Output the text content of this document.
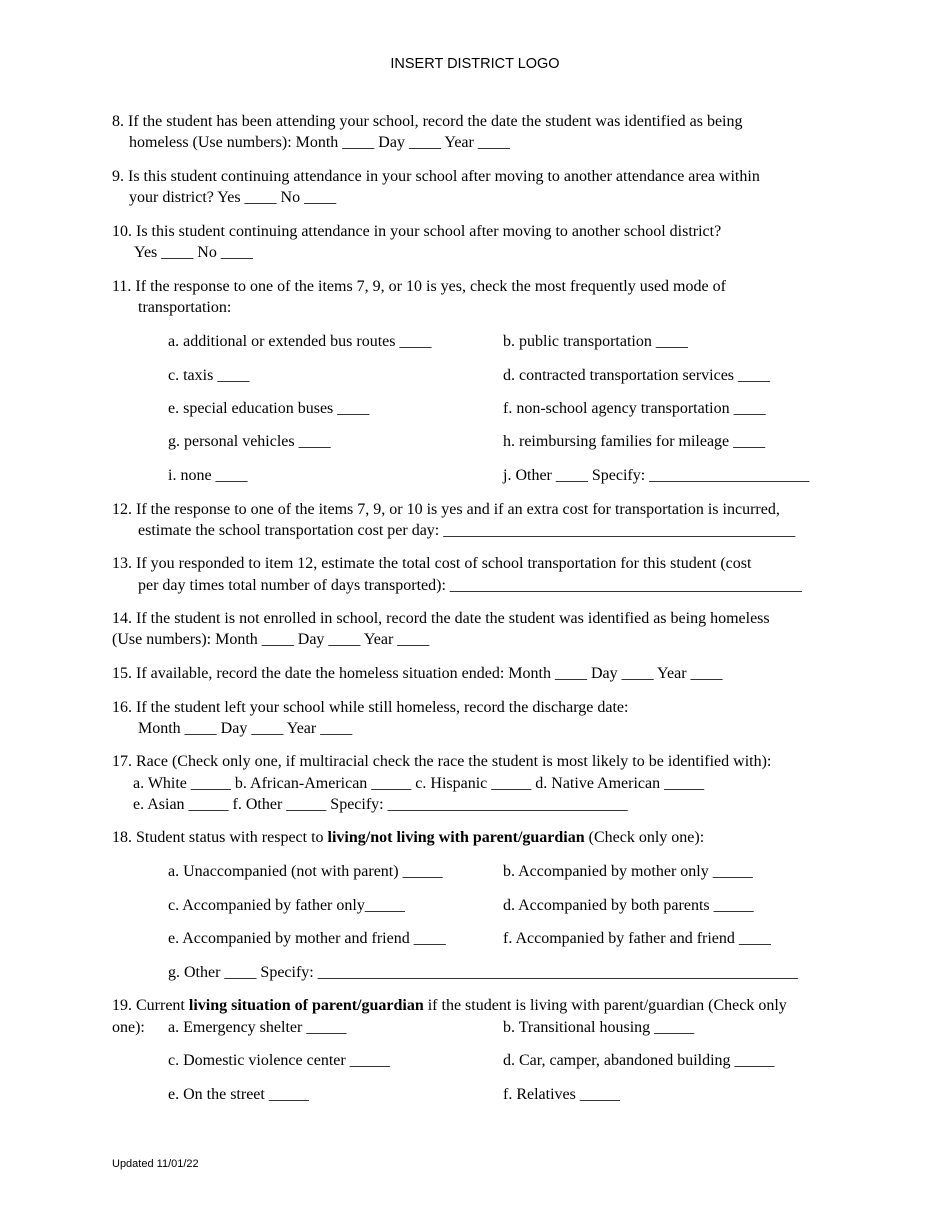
INSERT DISTRICT LOGO
8. If the student has been attending your school, record the date the student was identified as being
homeless (Use numbers): Month ____ Day ____ Year ____
9. Is this student continuing attendance in your school after moving to another attendance area within
your district? Yes ____ No ____
10. Is this student continuing attendance in your school after moving to another school district?
Yes ____ No ____
11. If the response to one of the items 7, 9, or 10 is yes, check the most frequently used mode of
transportation:
a. additional or extended bus routes ____	b. public transportation ____
c. taxis ____	d. contracted transportation services ____
e. special education buses ____	f. non-school agency transportation ____
g. personal vehicles ____	h. reimbursing families for mileage ____
i. none ____	j. Other ____ Specify: ____________________
12. If the response to one of the items 7, 9, or 10 is yes and if an extra cost for transportation is incurred,
estimate the school transportation cost per day: ____________________________________________
13. If you responded to item 12, estimate the total cost of school transportation for this student (cost
per day times total number of days transported): ____________________________________________
14. If the student is not enrolled in school, record the date the student was identified as being homeless
(Use numbers): Month ____ Day ____ Year ____
15. If available, record the date the homeless situation ended: Month ____ Day ____ Year ____
16. If the student left your school while still homeless, record the discharge date:
Month ____ Day ____ Year ____
17. Race (Check only one, if multiracial check the race the student is most likely to be identified with):
a. White _____ b. African-American _____ c. Hispanic _____ d. Native American _____
e. Asian _____ f. Other _____ Specify: ______________________________
18. Student status with respect to living/not living with parent/guardian (Check only one):
a. Unaccompanied (not with parent) _____	b. Accompanied by mother only _____
c. Accompanied by father only_____	d. Accompanied by both parents _____
e. Accompanied by mother and friend ____	f. Accompanied by father and friend ____
g. Other ____ Specify: ____________________________________________________________
19. Current living situation of parent/guardian if the student is living with parent/guardian (Check only
one): a. Emergency shelter _____	b. Transitional housing _____
c. Domestic violence center _____	d. Car, camper, abandoned building _____
e. On the street _____	f. Relatives _____
Updated 11/01/22
